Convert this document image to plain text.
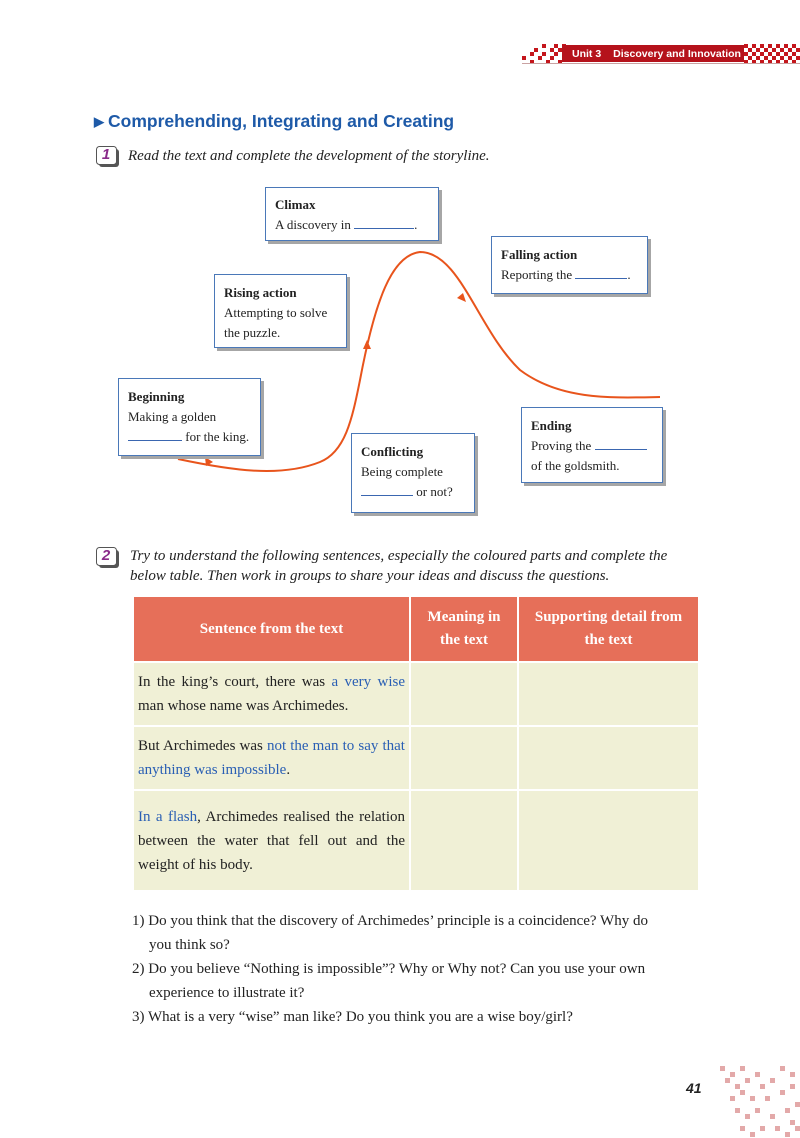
Unit 3 Discovery and Innovation
▶ Comprehending, Integrating and Creating
1	Read the text and complete the development of the storyline.
Climax
A discovery in	.
Falling action
Reporting the	.
Rising action
Attempting to solve
the puzzle.
Beginning
Making a golden
for the king.
Conflicting
Being complete
or not?
Ending
Proving the
of the goldsmith.
2	Try to understand the following sentences, especially the coloured parts and complete the
below table. Then work in groups to share your ideas and discuss the questions.
Sentence from the text	Meaning in the text	Supporting detail from the text
In the king’s court, there was a very wise man whose name was Archimedes.		
But Archimedes was not the man to say that anything was impossible.		
In a flash, Archimedes realised the relation between the water that fell out and the weight of his body.		
1) Do you think that the discovery of Archimedes’ principle is a coincidence? Why do
you think so?
2) Do you believe “Nothing is impossible”? Why or Why not? Can you use your own
experience to illustrate it?
3) What is a very “wise” man like? Do you think you are a wise boy/girl?
41
